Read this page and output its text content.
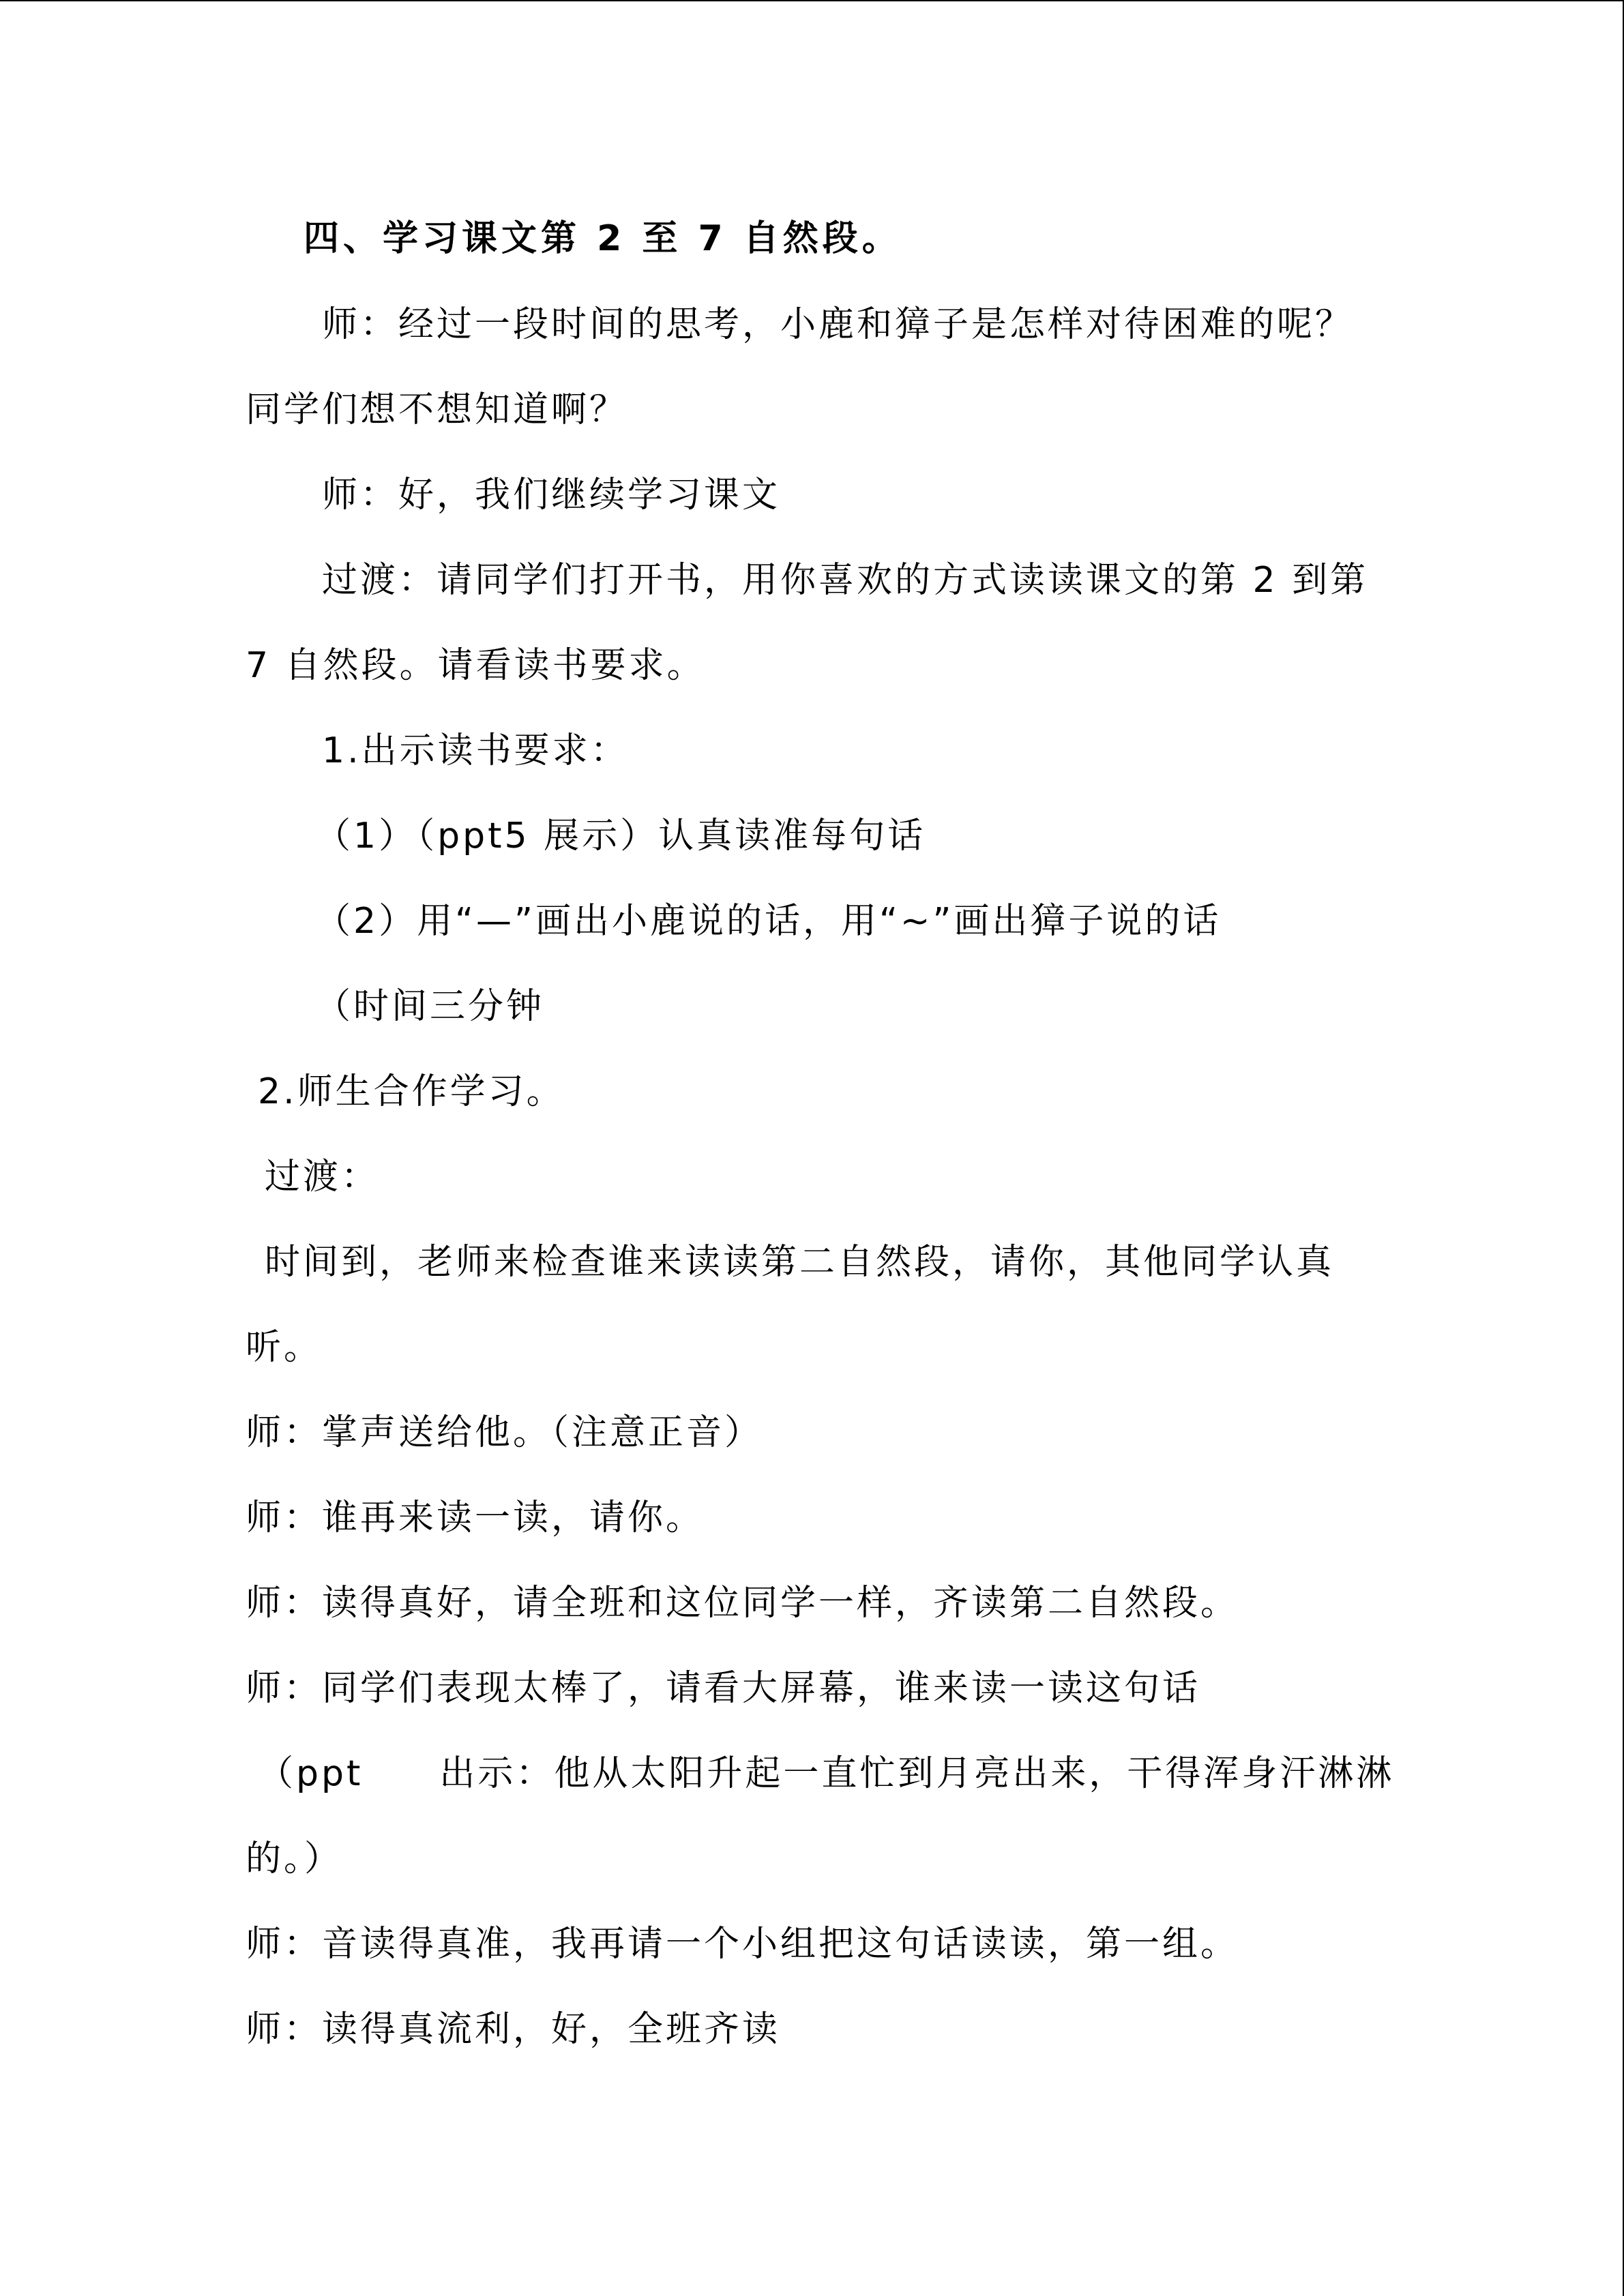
四、学习课文第 2 至 7 自然段。
师：经过一段时间的思考，小鹿和獐子是怎样对待困难的呢？
同学们想不想知道啊？
师：好，我们继续学习课文
过渡：请同学们打开书，用你喜欢的方式读读课文的第 2 到第
7 自然段。请看读书要求。
1.出示读书要求：
（1）（ppt5 展示）认真读准每句话
（2）用“—”画出小鹿说的话，用“~”画出獐子说的话
（时间三分钟
2.师生合作学习。
过渡：
时间到，老师来检查谁来读读第二自然段，请你，其他同学认真
听。
师：掌声送给他。（注意正音）
师：谁再来读一读，请你。
师：读得真好，请全班和这位同学一样，齐读第二自然段。
师：同学们表现太棒了，请看大屏幕，谁来读一读这句话
（ppt　　出示：他从太阳升起一直忙到月亮出来，干得浑身汗淋淋
的。）
师：音读得真准，我再请一个小组把这句话读读，第一组。
师：读得真流利，好，全班齐读
